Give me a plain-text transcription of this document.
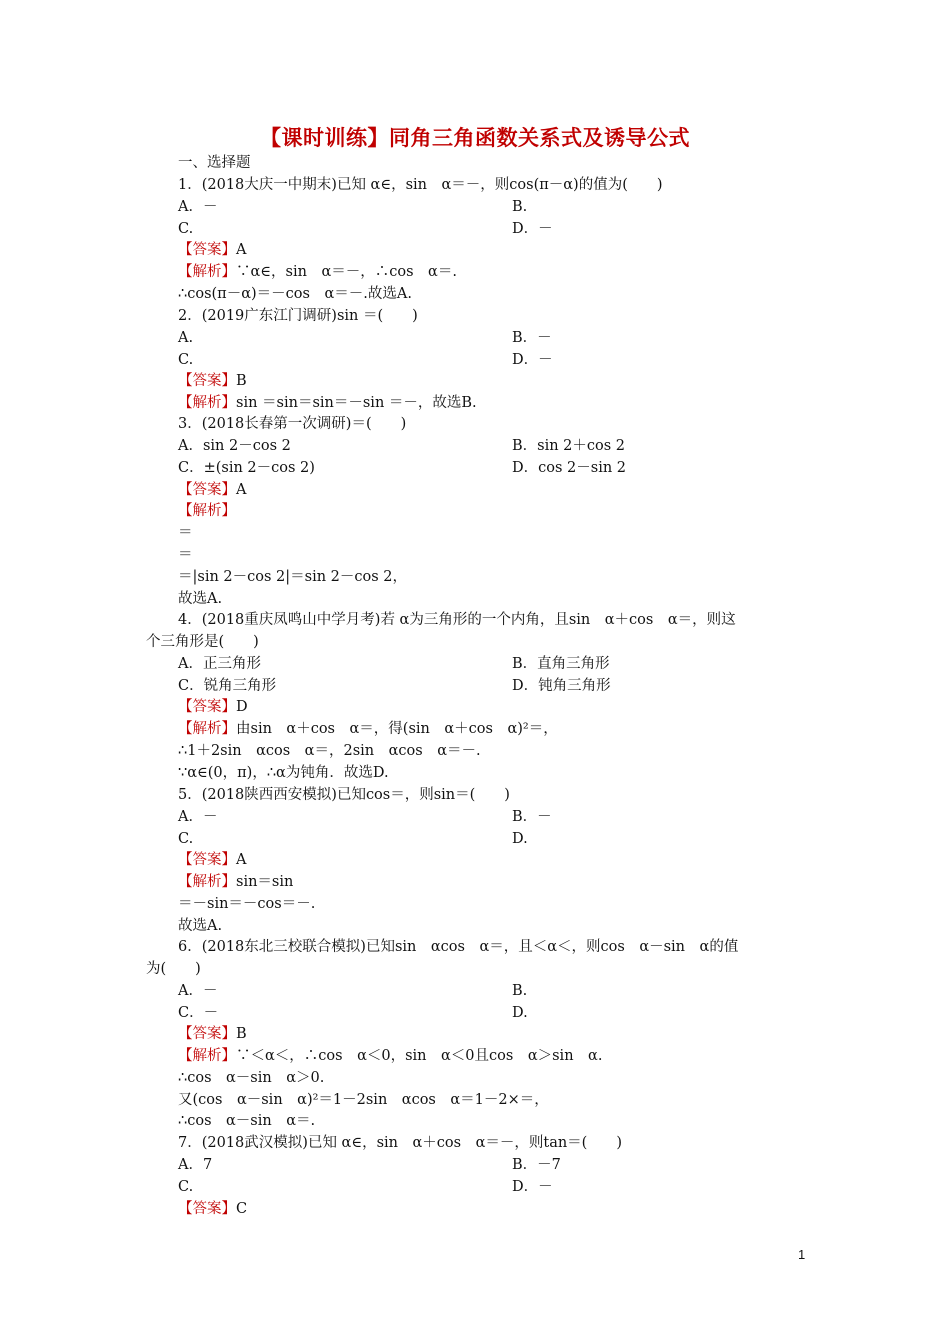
【课时训练】同角三角函数关系式及诱导公式
一、选择题
1．(2018大庆一中期末)已知 α∈，sin　α＝－，则cos(π－α)的值为(　　)
A．－	B.
C.	D．－
【答案】A
【解析】∵α∈，sin　α＝－，∴cos　α＝.
∴cos(π－α)＝－cos　α＝－.故选A.
2．(2019广东江门调研)sin ＝(　　)
A.	B．－
C.	D．－
【答案】B
【解析】sin ＝sin＝sin＝－sin ＝－，故选B.
3．(2018长春第一次调研)＝(　　)
A．sin 2－cos 2	B．sin 2＋cos 2
C．±(sin 2－cos 2)	D．cos 2－sin 2
【答案】A
【解析】
＝
＝
＝|sin 2－cos 2|＝sin 2－cos 2，
故选A.
4．(2018重庆凤鸣山中学月考)若 α为三角形的一个内角，且sin　α＋cos　α＝，则这
个三角形是(　　)
A．正三角形	B．直角三角形
C．锐角三角形	D．钝角三角形
【答案】D
【解析】由sin　α＋cos　α＝，得(sin　α＋cos　α)²＝，
∴1＋2sin　αcos　α＝，2sin　αcos　α＝－.
∵α∈(0，π)，∴α为钝角．故选D.
5．(2018陕西西安模拟)已知cos＝，则sin＝(　　)
A．－	B．－
C.	D.
【答案】A
【解析】sin＝sin
＝－sin＝－cos＝－.
故选A.
6．(2018东北三校联合模拟)已知sin　αcos　α＝，且＜α＜，则cos　α－sin　α的值
为(　　)
A．－	B.
C．－	D.
【答案】B
【解析】∵＜α＜，∴cos　α＜0，sin　α＜0且cos　α＞sin　α.
∴cos　α－sin　α＞0.
又(cos　α－sin　α)²＝1－2sin　αcos　α＝1－2×＝，
∴cos　α－sin　α＝.
7．(2018武汉模拟)已知 α∈，sin　α＋cos　α＝－，则tan＝(　　)
A．7	B．－7
C.	D．－
【答案】C
1
